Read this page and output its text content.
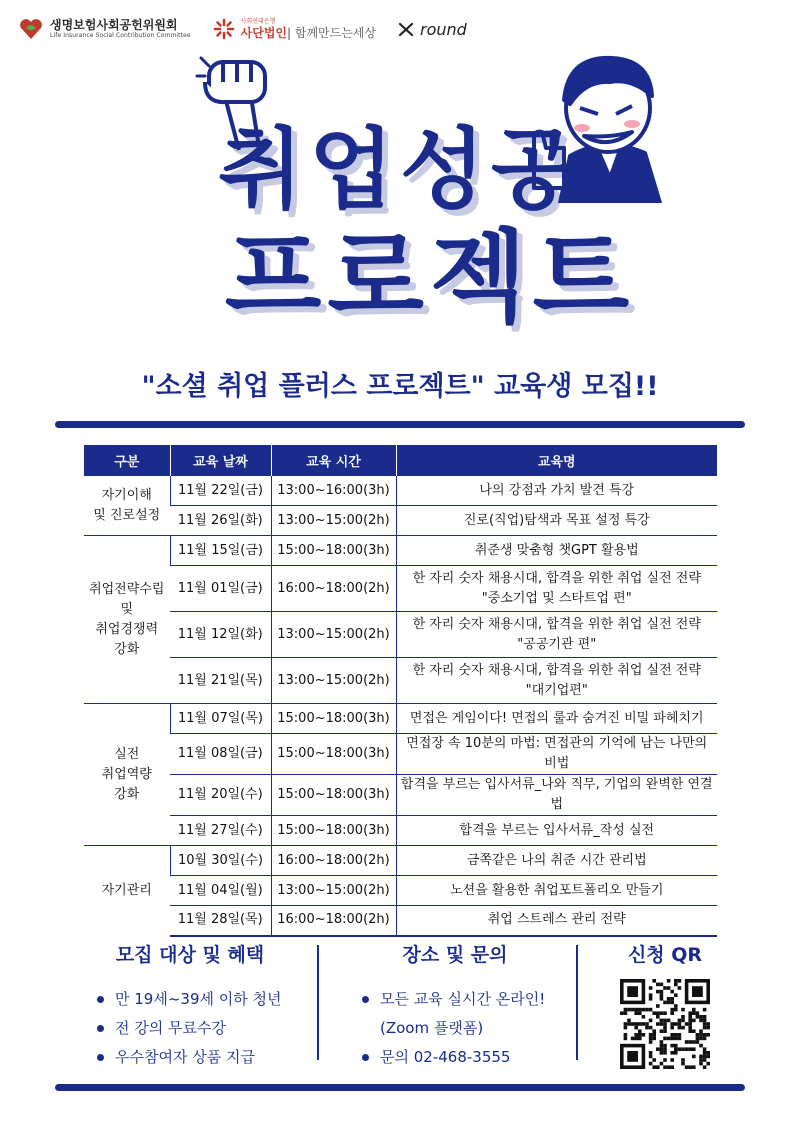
생명보험사회공헌위원회
Life Insurance Social Contribution Committee
사회연대은행
사단법인| 함께만드는세상	round
취업성공
프로젝트
"소셜 취업 플러스 프로젝트" 교육생 모집!!
구분	교육 날짜	교육 시간	교육명

자기이해
및 진로설정	11월 22일(금)	13:00~16:00(3h)	나의 강점과 가치 발견 특강

	11월 26일(화)	13:00~15:00(2h)	진로(직업)탐색과 목표 설정 특강

취업전략수립
및
취업경쟁력
강화	11월 15일(금)	15:00~18:00(3h)	취준생 맞춤형 챗GPT 활용법

	11월 01일(금)	16:00~18:00(2h)	한 자리 숫자 채용시대, 합격을 위한 취업 실전 전략
"중소기업 및 스타트업 편"

	11월 12일(화)	13:00~15:00(2h)	한 자리 숫자 채용시대, 합격을 위한 취업 실전 전략
"공공기관 편"

	11월 21일(목)	13:00~15:00(2h)	한 자리 숫자 채용시대, 합격을 위한 취업 실전 전략
"대기업편"

실전
취업역량
강화	11월 07일(목)	15:00~18:00(3h)	면접은 게임이다! 면접의 룰과 숨겨진 비밀 파헤치기

	11월 08일(금)	15:00~18:00(3h)	면접장 속 10분의 마법: 면접관의 기억에 남는 나만의 비법

	11월 20일(수)	15:00~18:00(3h)	합격을 부르는 입사서류_나와 직무, 기업의 완벽한 연결법

	11월 27일(수)	15:00~18:00(3h)	합격을 부르는 입사서류_작성 실전

자기관리	10월 30일(수)	16:00~18:00(2h)	금쪽같은 나의 취준 시간 관리법

	11월 04일(월)	13:00~15:00(2h)	노션을 활용한 취업포트폴리오 만들기

	11월 28일(목)	16:00~18:00(2h)	취업 스트레스 관리 전략
모집 대상 및 혜택
만 19세~39세 이하 청년
전 강의 무료수강
우수참여자 상품 지급
장소 및 문의
모든 교육 실시간 온라인!
(Zoom 플랫폼)
문의 02-468-3555
신청 QR
